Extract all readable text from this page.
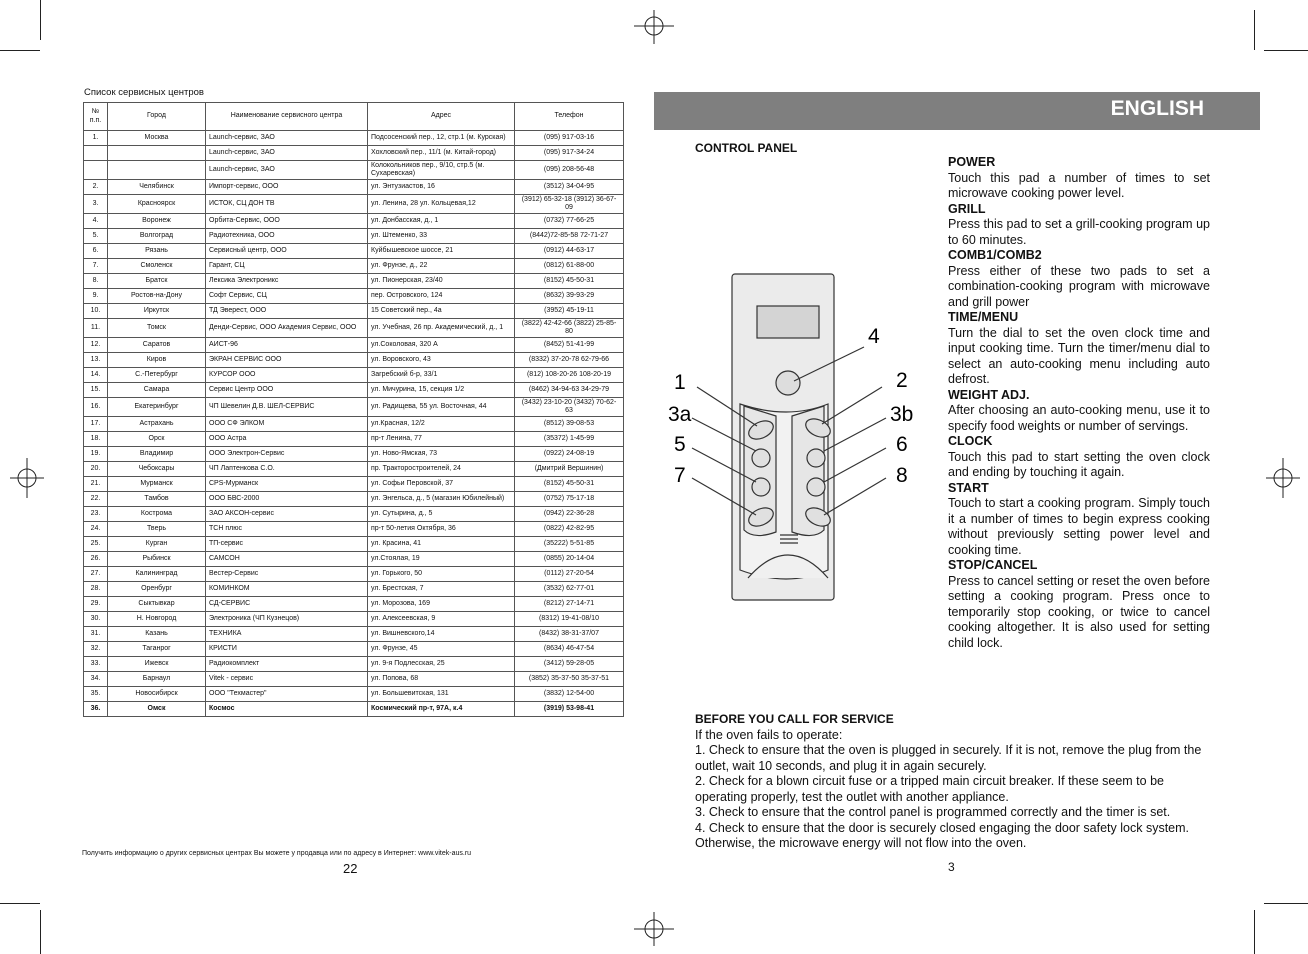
Список сервисных центров
№ п.п.	Город	Наименование сервисного центра	Адрес	Телефон
1.	Москва	Launch-сервис, ЗАО	Подсосенский пер., 12, стр.1 (м. Курская)	(095) 917-03-16
		Launch-сервис, ЗАО	Хохловский пер., 11/1 (м. Китай-город)	(095) 917-34-24
		Launch-сервис, ЗАО	Колокольников пер., 9/10, стр.5 (м. Сухаревская)	(095) 208-56-48
2.	Челябинск	Импорт-сервис, ООО	ул. Энтузиастов, 16	(3512) 34-04-95
3.	Красноярск	ИСТОК, СЦ ДОН ТВ	ул. Ленина, 28 ул. Кольцевая,12	(3912) 65-32-18 (3912) 36-67-09
4.	Воронеж	Орбита-Сервис, ООО	ул. Донбасская, д., 1	(0732) 77-66-25
5.	Волгоград	Радиотехника, ООО	ул. Штеменко, 33	(8442)72-85-58 72-71-27
6.	Рязань	Сервисный центр, ООО	Куйбышевское шоссе, 21	(0912) 44-63-17
7.	Смоленск	Гарант, СЦ	ул. Фрунзе, д., 22	(0812) 61-88-00
8.	Братск	Лексика Электроникс	ул. Пионерская, 23/40	(8152) 45-50-31
9.	Ростов-на-Дону	Софт Сервис, СЦ	пер. Островского, 124	(8632) 39-93-29
10.	Иркутск	ТД Эверест, ООО	15 Советский пер., 4а	(3952) 45-19-11
11.	Томск	Денди-Сервис, ООО Академия Сервис, ООО	ул. Учебная, 26 пр. Академический, д., 1	(3822) 42-42-66 (3822) 25-85-80
12.	Саратов	АИСТ-96	ул.Соколовая, 320 А	(8452) 51-41-99
13.	Киров	ЭКРАН СЕРВИС ООО	ул. Воровского, 43	(8332) 37-20-78 62-79-66
14.	С.-Петербург	КУРСОР ООО	Загребский б-р, 33/1	(812) 108-20-26 108-20-19
15.	Самара	Сервис Центр ООО	ул. Мичурина, 15, секция 1/2	(8462) 34-94-63 34-29-79
16.	Екатеринбург	ЧП Шевелин Д.В. ШЕЛ-СЕРВИС	ул. Радищева, 55 ул. Восточная, 44	(3432) 23-10-20 (3432) 70-62-63
17.	Астрахань	ООО СФ ЭЛКОМ	ул.Красная, 12/2	(8512) 39-08-53
18.	Орск	ООО Астра	пр-т Ленина, 77	(35372) 1-45-99
19.	Владимир	ООО Электрон-Сервис	ул. Ново-Ямская, 73	(0922) 24-08-19
20.	Чебоксары	ЧП Лаптенкова С.О.	пр. Тракторостроителей, 24	(Дмитрий Вершинин)
21.	Мурманск	CPS-Мурманск	ул. Софьи Перовской, 37	(8152) 45-50-31
22.	Тамбов	ООО БВС-2000	ул. Энгельса, д., 5 (магазин Юбилейный)	(0752) 75-17-18
23.	Кострома	ЗАО АКСОН-сервис	ул. Сутырина, д., 5	(0942) 22-36-28
24.	Тверь	ТСН плюс	пр-т 50-летия Октября, 36	(0822) 42-82-95
25.	Курган	ТП-сервис	ул. Красина, 41	(35222) 5-51-85
26.	Рыбинск	САМСОН	ул.Стоялая, 19	(0855) 20-14-04
27.	Калининград	Вестер-Сервис	ул. Горького, 50	(0112) 27-20-54
28.	Оренбург	КОМИНКОМ	ул. Брестская, 7	(3532) 62-77-01
29.	Сыктывкар	СД-СЕРВИС	ул. Морозова, 169	(8212) 27-14-71
30.	Н. Новгород	Электроника (ЧП Кузнецов)	ул. Алексеевская, 9	(8312) 19-41-08/10
31.	Казань	ТЕХНИКА	ул. Вишневского,14	(8432) 38-31-37/07
32.	Таганрог	КРИСТИ	ул. Фрунзе, 45	(8634) 46-47-54
33.	Ижевск	Радиокомплект	ул. 9-я Подлесская, 25	(3412) 59-28-05
34.	Барнаул	Vitek - сервис	ул. Попова, 68	(3852) 35-37-50 35-37-51
35.	Новосибирск	ООО "Техмастер"	ул. Большевитская, 131	(3832) 12-54-00
36.	Омск	Космос	Космический пр-т, 97А, к.4	(3919) 53-98-41
Получить информацию о других сервисных центрах Вы можете у продавца или по адресу в Интернет: www.vitek-aus.ru
22
ENGLISH
CONTROL PANEL
4
1	2
3a	3b
5	6
7	8

POWER

Touch this pad a number of times to set microwave cooking power level.

GRILL

Press this pad to set a grill-cooking program up to 60 minutes.

COMB1/COMB2

Press either of these two pads to set a combination-cooking program with microwave and grill power

TIME/MENU

Turn the dial to set the oven clock time and input cooking time. Turn the timer/menu dial to select an auto-cooking menu including auto defrost.

WEIGHT ADJ.

After choosing an auto-cooking menu, use it to specify food weights or number of servings.

CLOCK

Touch this pad to start setting the oven clock and ending by touching it again.

START

Touch to start a cooking program. Simply touch it a number of times to begin express cooking without previously setting power level and cooking time.

STOP/CANCEL

Press to cancel setting or reset the oven before setting a cooking program. Press once to temporarily stop cooking, or twice to cancel cooking altogether. It is also used for setting child lock.

BEFORE YOU CALL FOR SERVICE

If the oven fails to operate:

1. Check to ensure that the oven is plugged in securely. If it is not, remove the plug from the outlet, wait 10 seconds, and plug it in again securely.

2. Check for a blown circuit fuse or a tripped main circuit breaker. If these seem to be operating properly, test the outlet with another appliance.

3. Check to ensure that the control panel is programmed correctly and the timer is set.

4. Check to ensure that the door is securely closed engaging the door safety lock system. Otherwise, the microwave energy will not flow into the oven.

3
